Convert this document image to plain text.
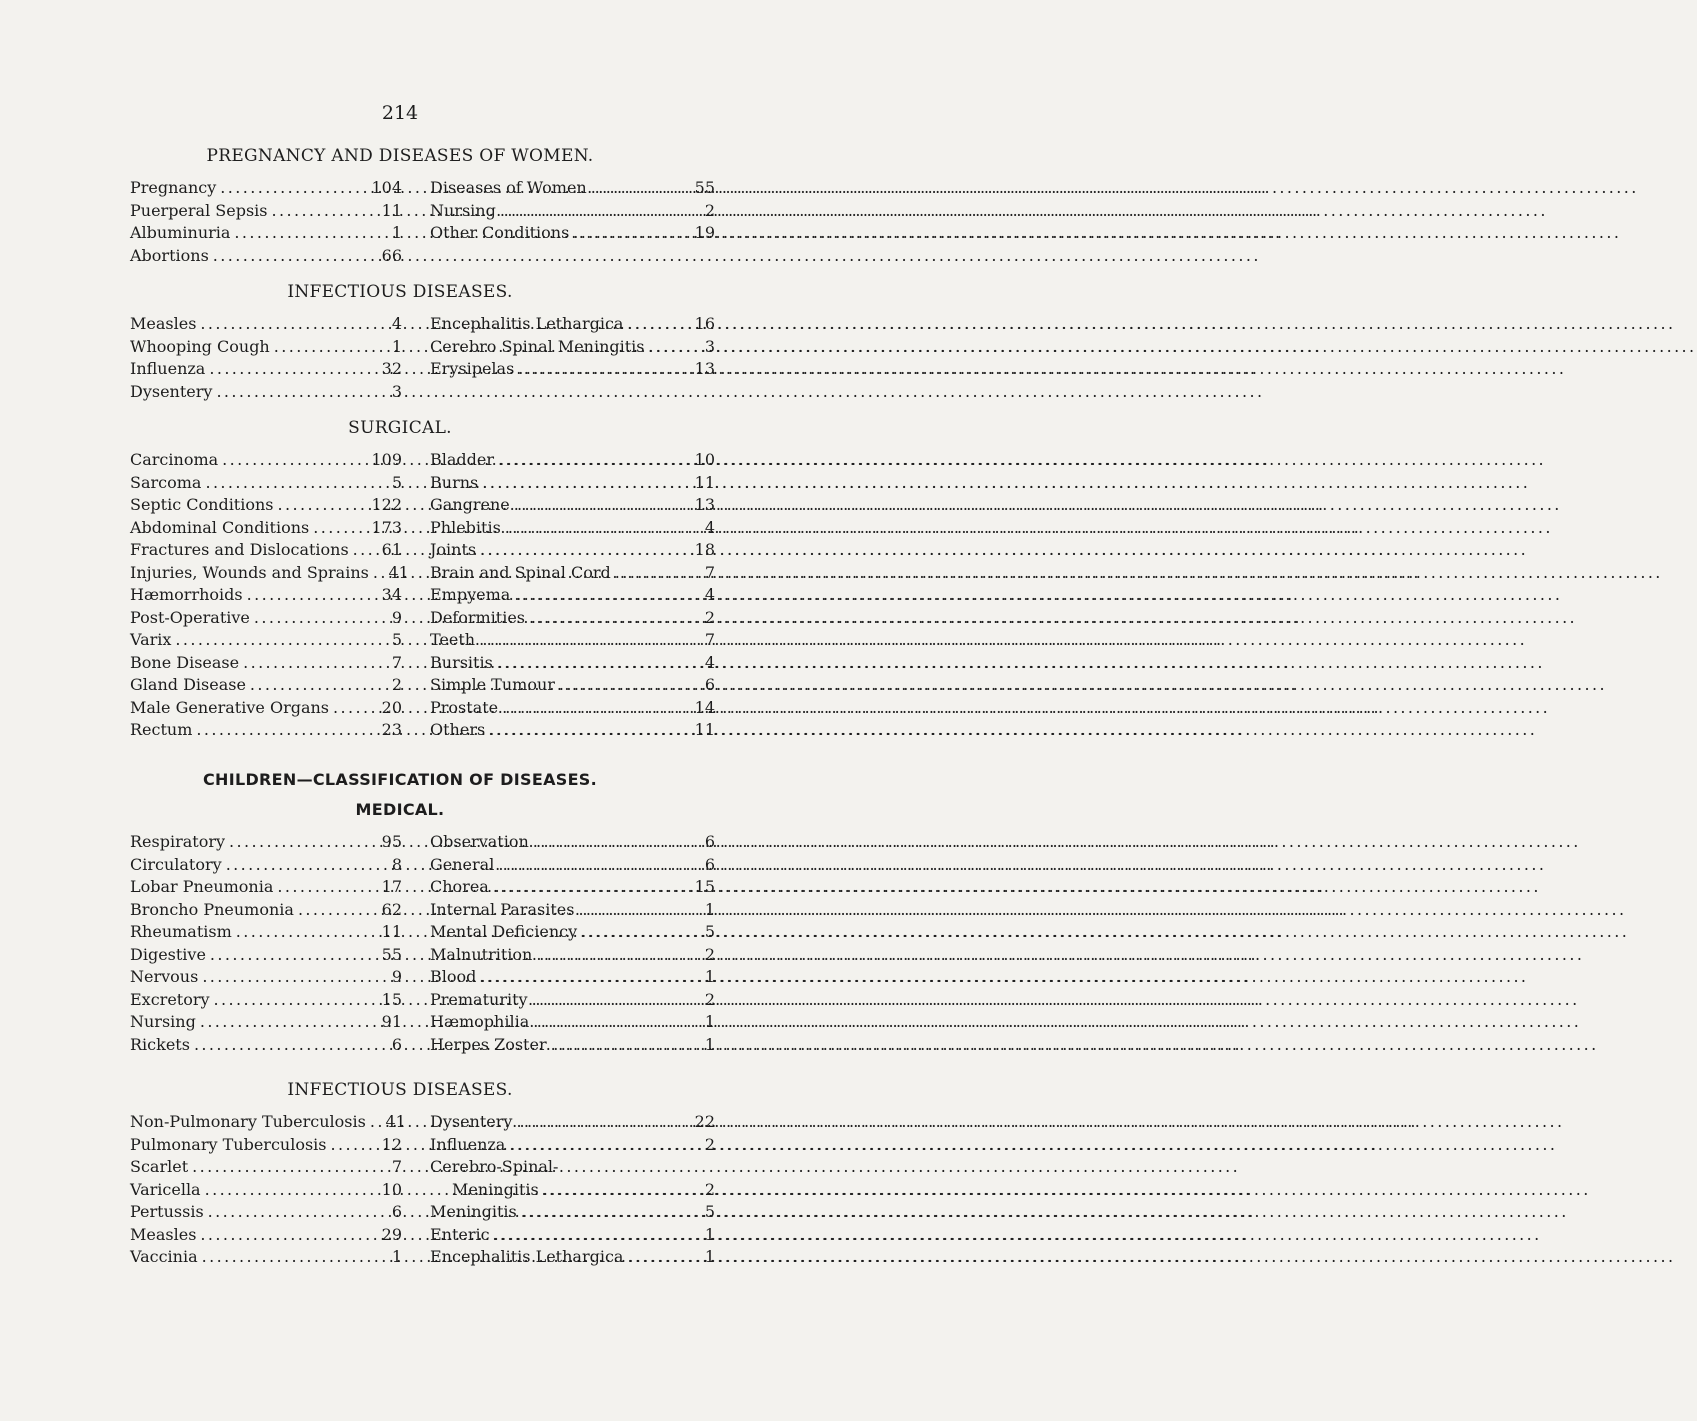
214
PREGNANCY AND DISEASES OF WOMEN.
Pregnancy .....	104
Puerperal Sepsis .....	11
Albuminuria .....	1
Abortions .....	66
Diseases of Women .....	55
Nursing .....	2
Other Conditions .....	19
INFECTIOUS DISEASES.
Measles .....	4
Whooping Cough .....	1
Influenza .....	32
Dysentery .....	3
Encephalitis Lethargica .....	16
Cerebro Spinal Meningitis .....	3
Erysipelas .....	13
SURGICAL.
Carcinoma .....	109
Sarcoma .....	5
Septic Conditions .....	122
Abdominal Conditions .....	173
Fractures and Dislocations .....	61
Injuries, Wounds and Sprains .....	41
Hæmorrhoids .....	34
Post-Operative .....	9
Varix .....	5
Bone Disease .....	7
Gland Disease .....	2
Male Generative Organs .....	20
Rectum .....	23
Bladder .....	10
Burns .....	11
Gangrene .....	13
Phlebitis .....	4
Joints .....	18
Brain and Spinal Cord .....	7
Empyema .....	4
Deformities .....	2
Teeth .....	7
Bursitis .....	4
Simple Tumour .....	6
Prostate .....	14
Others .....	11
CHILDREN—CLASSIFICATION OF DISEASES.
MEDICAL.
Respiratory .....	95
Circulatory .....	8
Lobar Pneumonia .....	17
Broncho Pneumonia .....	62
Rheumatism .....	11
Digestive .....	55
Nervous .....	9
Excretory .....	15
Nursing .....	91
Rickets .....	6
Observation .....	6
General .....	6
Chorea .....	15
Internal Parasites .....	1
Mental Deficiency .....	5
Malnutrition .....	2
Blood .....	1
Prematurity .....	2
Hæmophilia .....	1
Herpes Zoster .....	1
INFECTIOUS DISEASES.
Non-Pulmonary Tuberculosis .....	41
Pulmonary Tuberculosis .....	12
Scarlet .....	7
Varicella .....	10
Pertussis .....	6
Measles .....	29
Vaccinia .....	1
Dysentery .....	22
Influenza .....	2
Cerebro-Spinal-
Meningitis .....	2
Meningitis .....	5
Enteric .....	1
Encephalitis Lethargica .....	1
